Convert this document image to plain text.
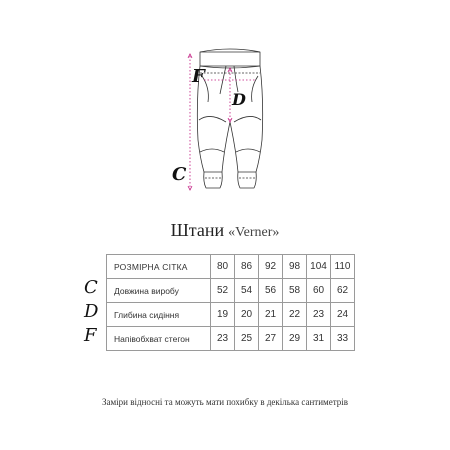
F
D
C
Штани «Verner»
C
D
F
РОЗМІРНА СІТКА	80	86	92	98	104	110
Довжина виробу	52	54	56	58	60	62
Глибина сидіння	19	20	21	22	23	24
Напівобхват стегон	23	25	27	29	31	33
Заміри відносні та можуть мати похибку в декілька сантиметрів
